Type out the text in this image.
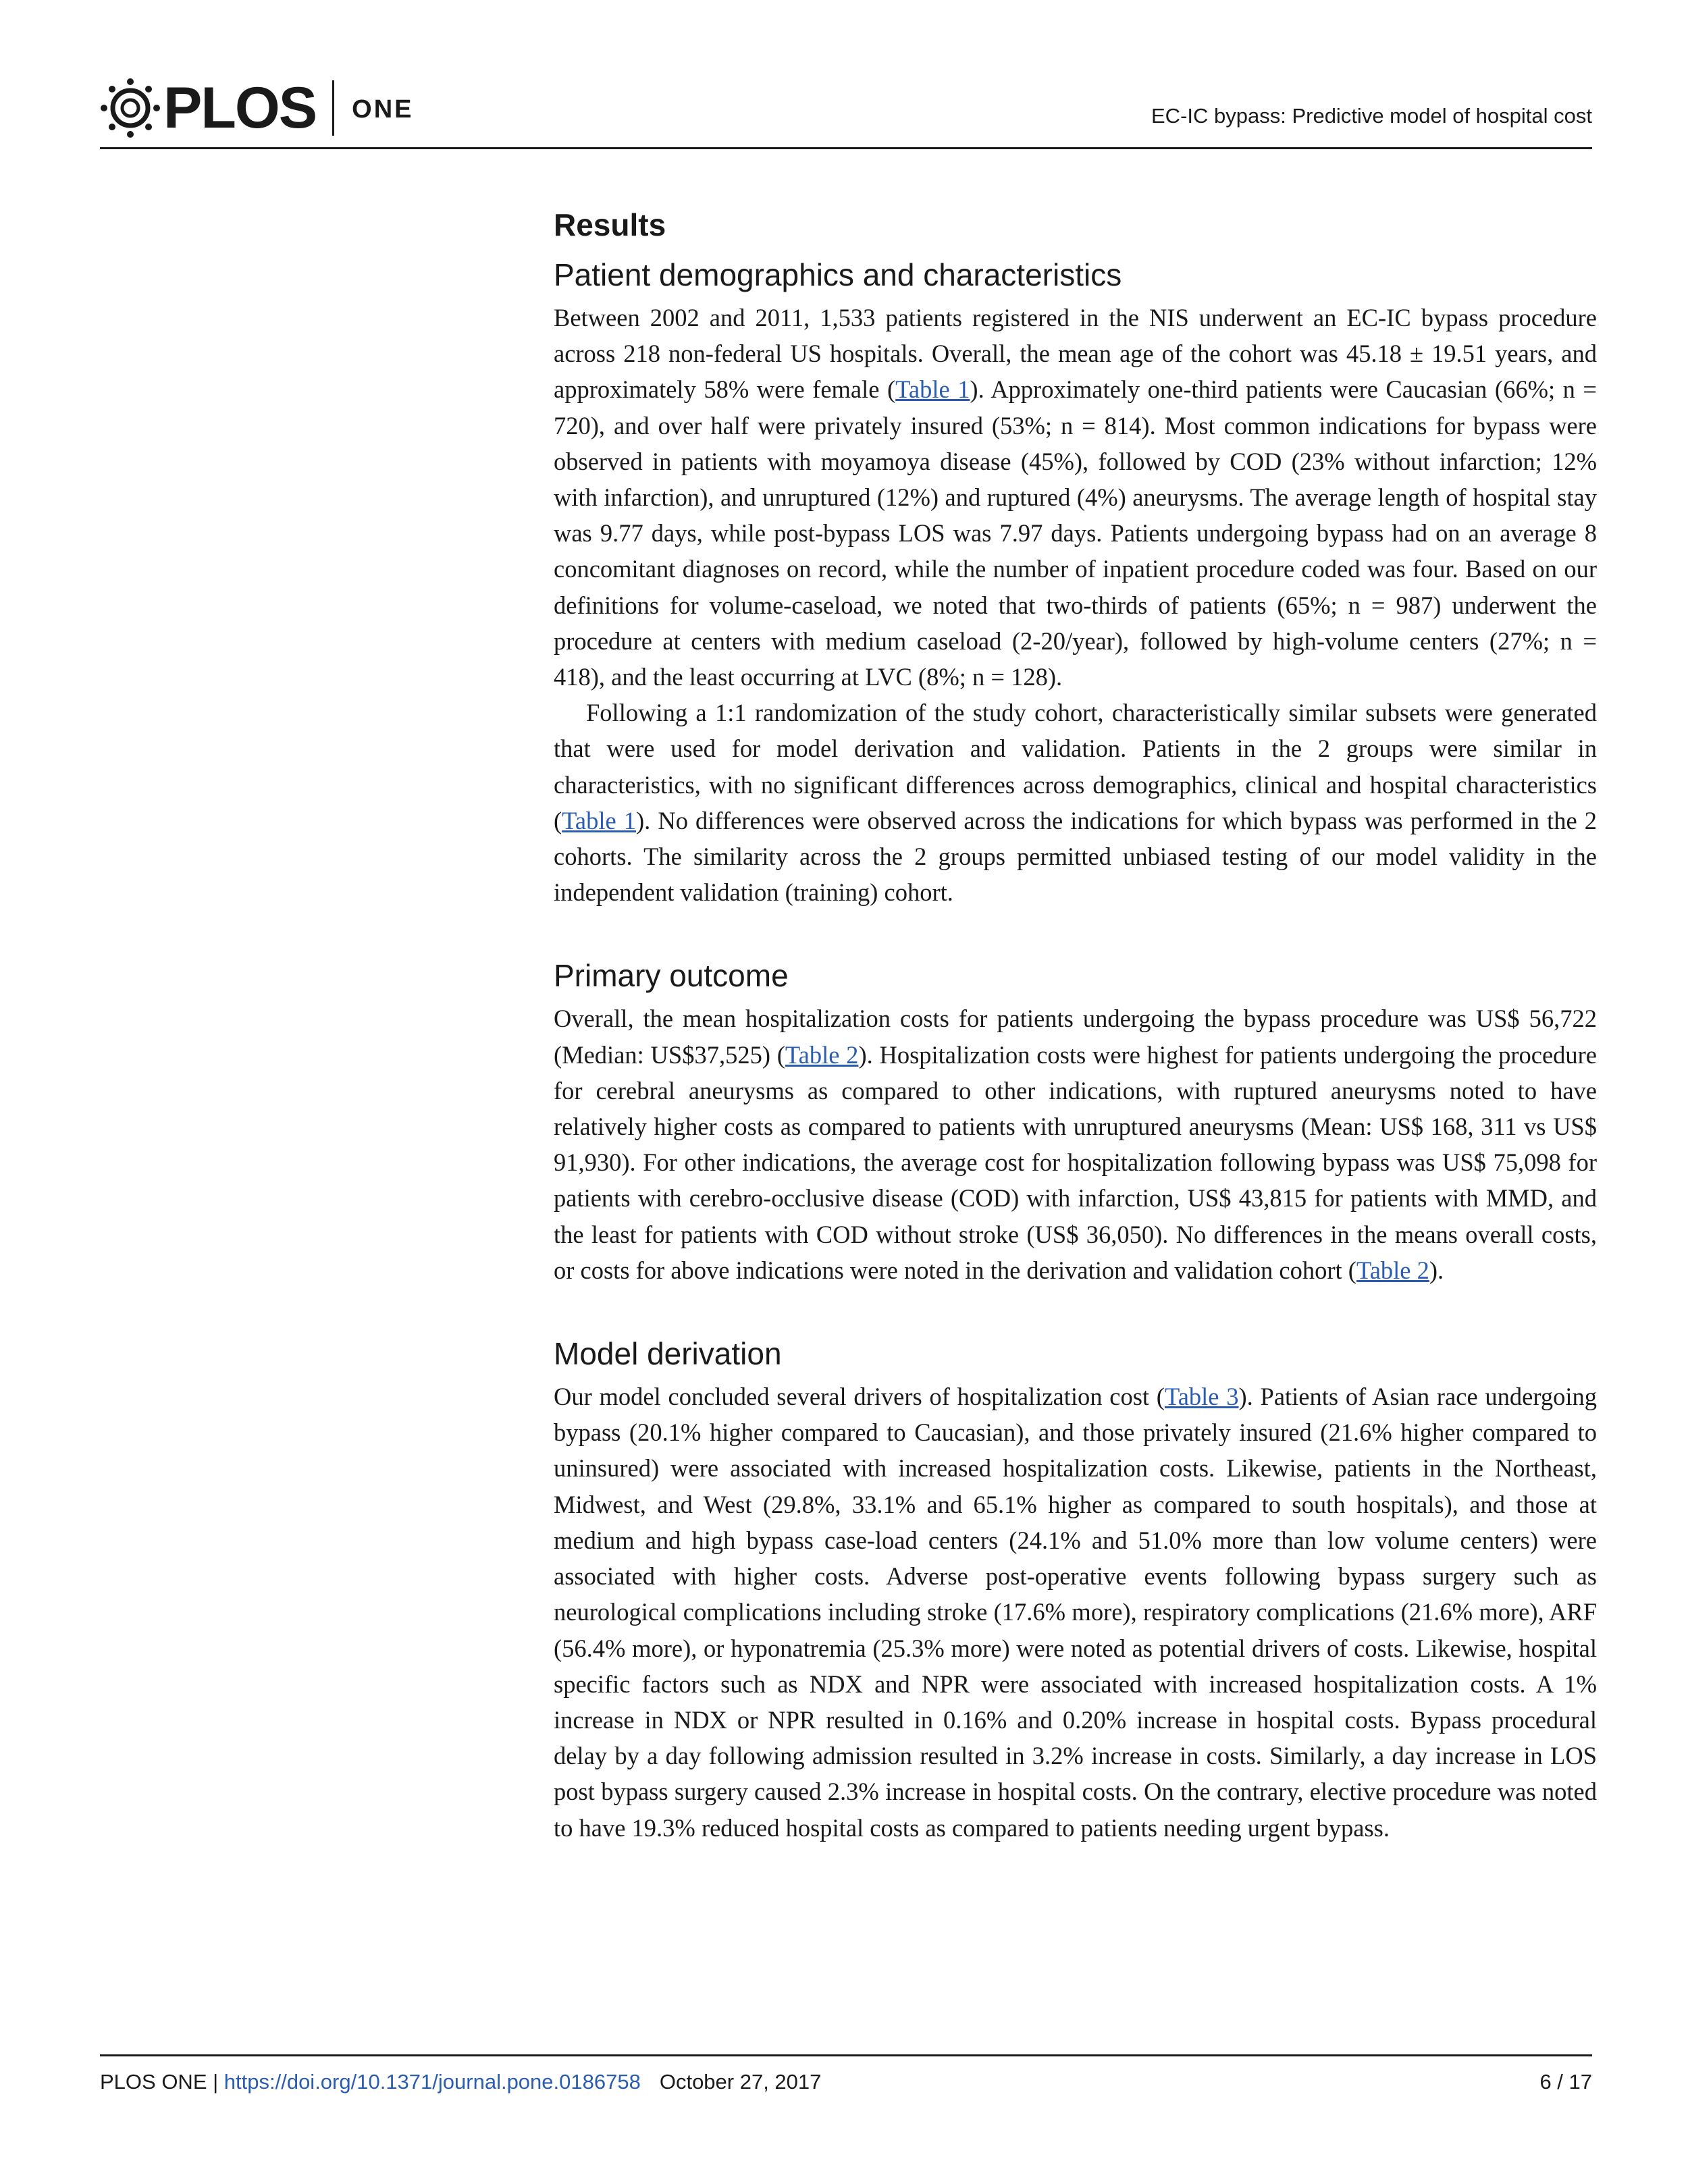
PLOS ONE	EC-IC bypass: Predictive model of hospital cost
Results
Patient demographics and characteristics

Between 2002 and 2011, 1,533 patients registered in the NIS underwent an EC-IC bypass procedure across 218 non-federal US hospitals. Overall, the mean age of the cohort was 45.18 ± 19.51 years, and approximately 58% were female (Table 1). Approximately one-third patients were Caucasian (66%; n = 720), and over half were privately insured (53%; n = 814). Most common indications for bypass were observed in patients with moyamoya disease (45%), followed by COD (23% without infarction; 12% with infarction), and unruptured (12%) and ruptured (4%) aneurysms. The average length of hospital stay was 9.77 days, while post-bypass LOS was 7.97 days. Patients undergoing bypass had on an average 8 concomitant diagnoses on record, while the number of inpatient procedure coded was four. Based on our definitions for volume-caseload, we noted that two-thirds of patients (65%; n = 987) underwent the procedure at centers with medium caseload (2-20/year), followed by high-volume centers (27%; n = 418), and the least occurring at LVC (8%; n = 128).

Following a 1:1 randomization of the study cohort, characteristically similar subsets were generated that were used for model derivation and validation. Patients in the 2 groups were similar in characteristics, with no significant differences across demographics, clinical and hospital characteristics (Table 1). No differences were observed across the indications for which bypass was performed in the 2 cohorts. The similarity across the 2 groups permitted unbiased testing of our model validity in the independent validation (training) cohort.

Primary outcome

Overall, the mean hospitalization costs for patients undergoing the bypass procedure was US$ 56,722 (Median: US$37,525) (Table 2). Hospitalization costs were highest for patients undergoing the procedure for cerebral aneurysms as compared to other indications, with ruptured aneurysms noted to have relatively higher costs as compared to patients with unruptured aneurysms (Mean: US$ 168, 311 vs US$ 91,930). For other indications, the average cost for hospitalization following bypass was US$ 75,098 for patients with cerebro-occlusive disease (COD) with infarction, US$ 43,815 for patients with MMD, and the least for patients with COD without stroke (US$ 36,050). No differences in the means overall costs, or costs for above indications were noted in the derivation and validation cohort (Table 2).

Model derivation

Our model concluded several drivers of hospitalization cost (Table 3). Patients of Asian race undergoing bypass (20.1% higher compared to Caucasian), and those privately insured (21.6% higher compared to uninsured) were associated with increased hospitalization costs. Likewise, patients in the Northeast, Midwest, and West (29.8%, 33.1% and 65.1% higher as compared to south hospitals), and those at medium and high bypass case-load centers (24.1% and 51.0% more than low volume centers) were associated with higher costs. Adverse post-operative events following bypass surgery such as neurological complications including stroke (17.6% more), respiratory complications (21.6% more), ARF (56.4% more), or hyponatremia (25.3% more) were noted as potential drivers of costs. Likewise, hospital specific factors such as NDX and NPR were associated with increased hospitalization costs. A 1% increase in NDX or NPR resulted in 0.16% and 0.20% increase in hospital costs. Bypass procedural delay by a day following admission resulted in 3.2% increase in costs. Similarly, a day increase in LOS post bypass surgery caused 2.3% increase in hospital costs. On the contrary, elective procedure was noted to have 19.3% reduced hospital costs as compared to patients needing urgent bypass.

PLOS ONE | https://doi.org/10.1371/journal.pone.0186758 October 27, 2017	6 / 17
